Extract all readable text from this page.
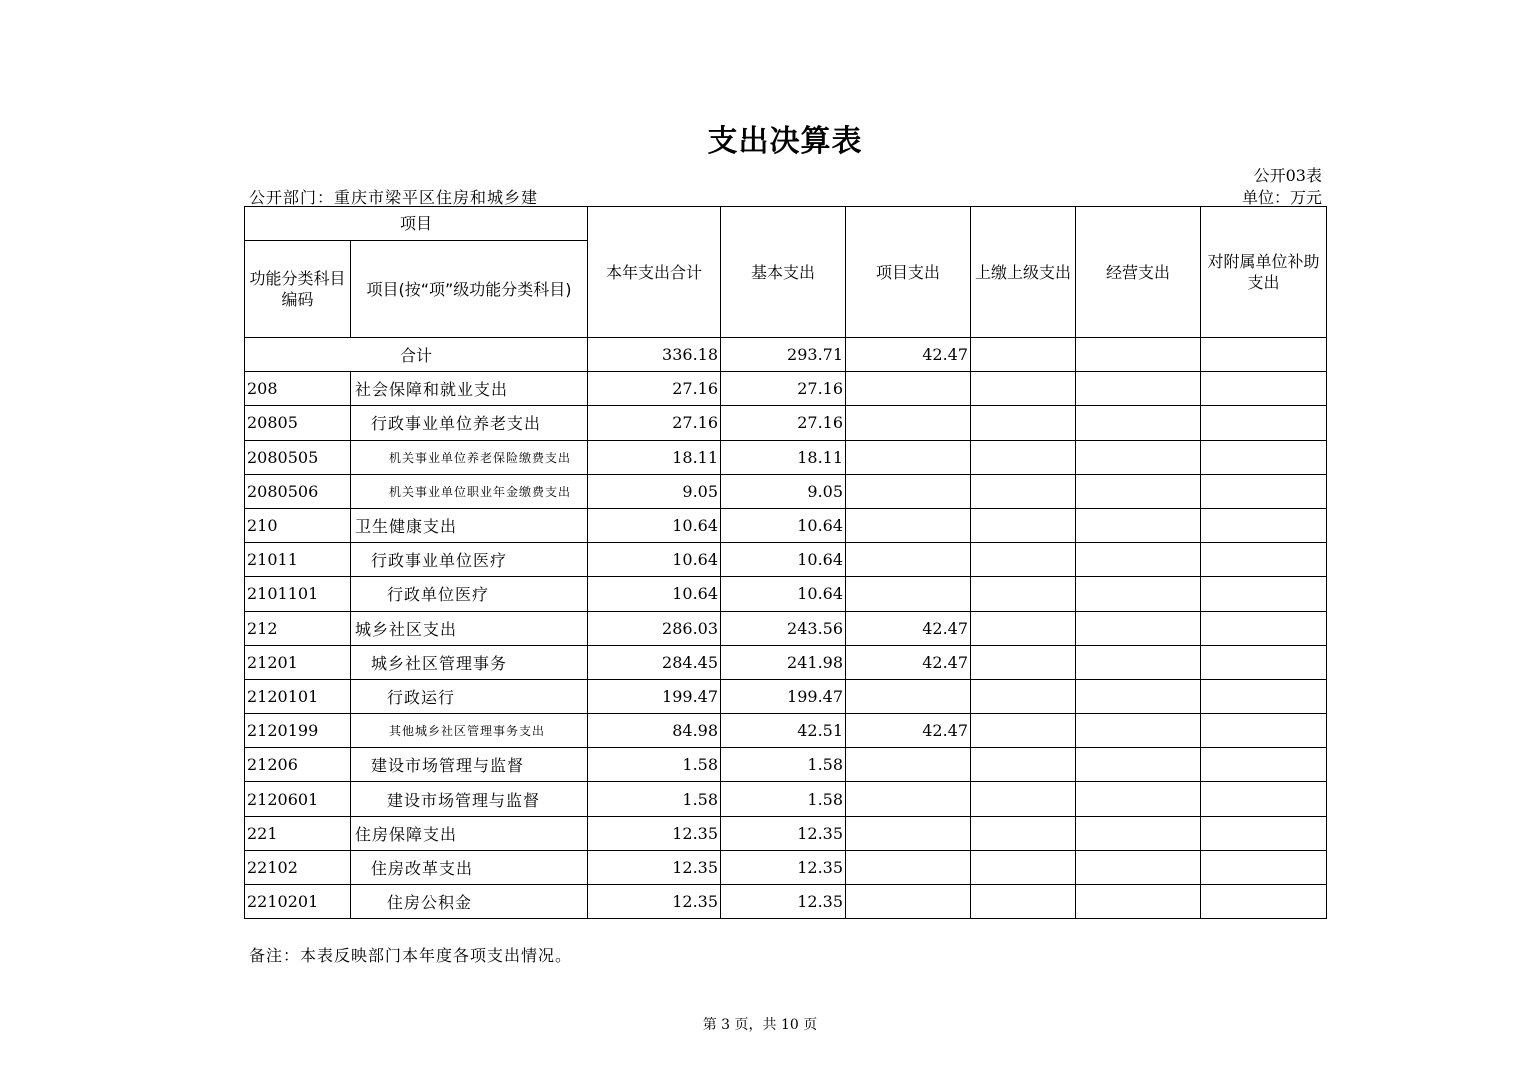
支出决算表
公开03表
公开部门：重庆市梁平区住房和城乡建	单位：万元
项目		本年支出合计	基本支出	项目支出	上缴上级支出	经营支出	对附属单位补助支出
功能分类科目编码	项目(按“项”级功能分类科目)						

合计		336.18	293.71	42.47			
208	社会保障和就业支出	27.16	27.16				
20805	行政事业单位养老支出	27.16	27.16				
2080505	机关事业单位养老保险缴费支出	18.11	18.11				
2080506	机关事业单位职业年金缴费支出	9.05	9.05				
210	卫生健康支出	10.64	10.64				
21011	行政事业单位医疗	10.64	10.64				
2101101	行政单位医疗	10.64	10.64				
212	城乡社区支出	286.03	243.56	42.47			
21201	城乡社区管理事务	284.45	241.98	42.47			
2120101	行政运行	199.47	199.47				
2120199	其他城乡社区管理事务支出	84.98	42.51	42.47			
21206	建设市场管理与监督	1.58	1.58				
2120601	建设市场管理与监督	1.58	1.58				
221	住房保障支出	12.35	12.35				
22102	住房改革支出	12.35	12.35				
2210201	住房公积金	12.35	12.35				
备注：本表反映部门本年度各项支出情况。
第 3 页，共 10 页
